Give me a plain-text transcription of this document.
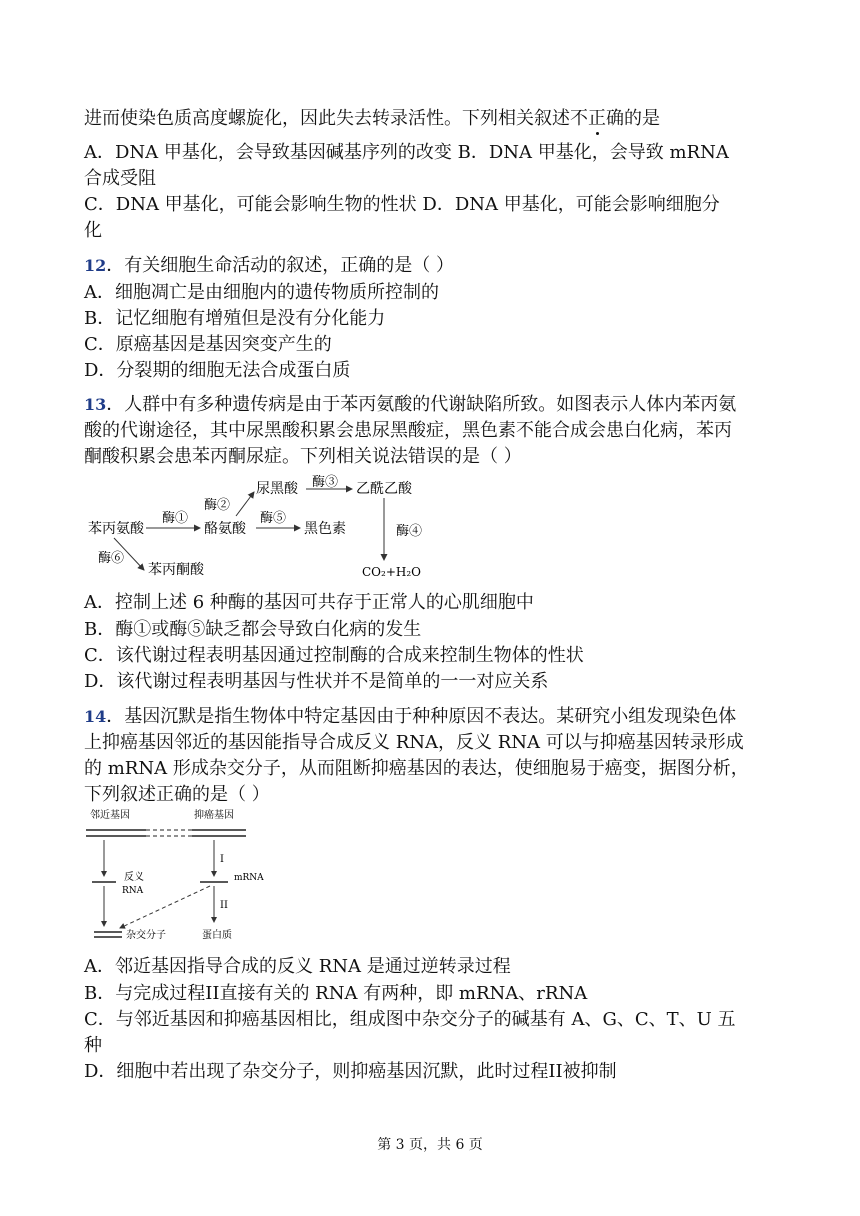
进而使染色质高度螺旋化，因此失去转录活性。下列相关叙述不正确的是
A．DNA 甲基化，会导致基因碱基序列的改变 B．DNA 甲基化，会导致 mRNA
合成受阻
C．DNA 甲基化，可能会影响生物的性状 D．DNA 甲基化，可能会影响细胞分
化
12．有关细胞生命活动的叙述，正确的是（ ）
A．细胞凋亡是由细胞内的遗传物质所控制的
B．记忆细胞有增殖但是没有分化能力
C．原癌基因是基因突变产生的
D．分裂期的细胞无法合成蛋白质
13．人群中有多种遗传病是由于苯丙氨酸的代谢缺陷所致。如图表示人体内苯丙氨
酸的代谢途径，其中尿黑酸积累会患尿黑酸症，黑色素不能合成会患白化病，苯丙
酮酸积累会患苯丙酮尿症。下列相关说法错误的是（ ）
苯丙氨酸	酪氨酸
尿黑酸	乙酰乙酸
黑色素
苯丙酮酸	CO₂+H₂O
酶①
酶②
酶③
酶④
酶⑤
酶⑥
A．控制上述 6 种酶的基因可共存于正常人的心肌细胞中
B．酶①或酶⑤缺乏都会导致白化病的发生
C．该代谢过程表明基因通过控制酶的合成来控制生物体的性状
D．该代谢过程表明基因与性状并不是简单的一一对应关系
14．基因沉默是指生物体中特定基因由于种种原因不表达。某研究小组发现染色体
上抑癌基因邻近的基因能指导合成反义 RNA，反义 RNA 可以与抑癌基因转录形成
的 mRNA 形成杂交分子，从而阻断抑癌基因的表达，使细胞易于癌变，据图分析，
下列叙述正确的是（ ）
邻近基因	抑癌基因
反义
RNA
I
mRNA
杂交分子
II
蛋白质
A．邻近基因指导合成的反义 RNA 是通过逆转录过程
B．与完成过程II直接有关的 RNA 有两种，即 mRNA、rRNA
C．与邻近基因和抑癌基因相比，组成图中杂交分子的碱基有 A、G、C、T、U 五
种
D．细胞中若出现了杂交分子，则抑癌基因沉默，此时过程II被抑制
第 3 页，共 6 页
